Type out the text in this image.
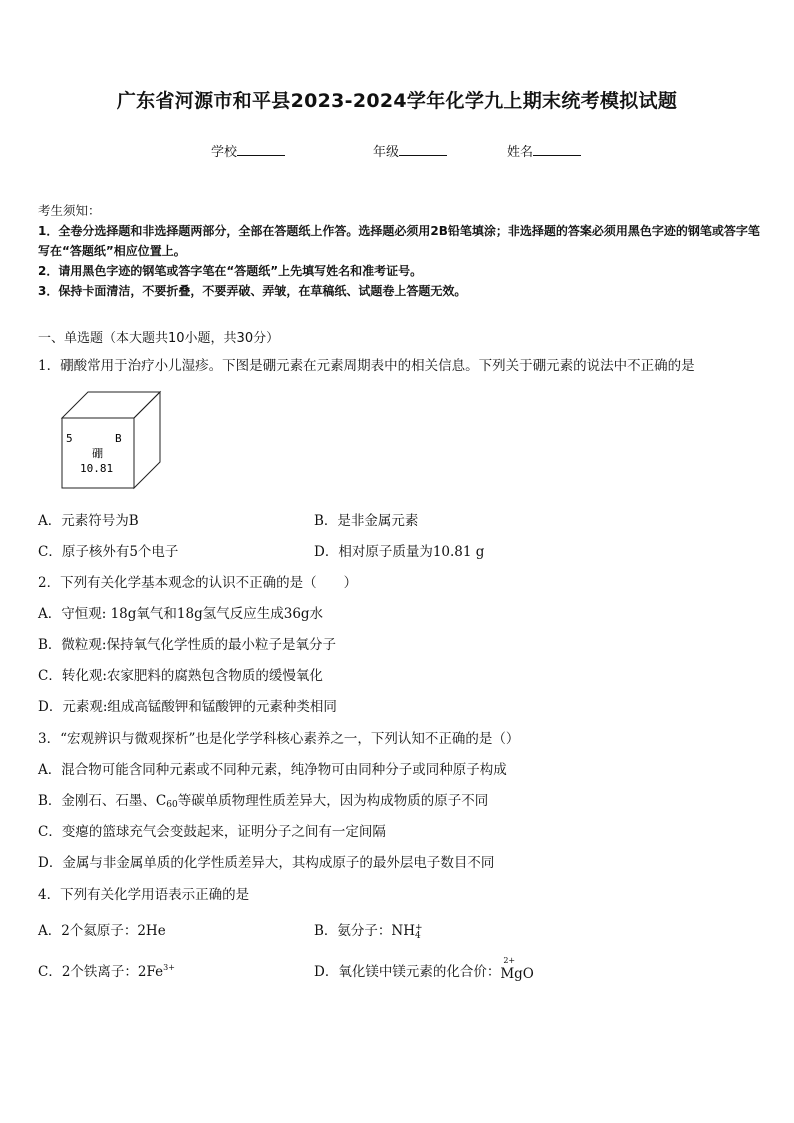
广东省河源市和平县2023-2024学年化学九上期末统考模拟试题
学校	年级	姓名
考生须知：
1．全卷分选择题和非选择题两部分，全部在答题纸上作答。选择题必须用2B铅笔填涂；非选择题的答案必须用黑色字迹的钢笔或答字笔写在“答题纸”相应位置上。
2．请用黑色字迹的钢笔或答字笔在“答题纸”上先填写姓名和准考证号。
3．保持卡面清洁，不要折叠，不要弄破、弄皱，在草稿纸、试题卷上答题无效。
一、单选题（本大题共10小题，共30分）
1．硼酸常用于治疗小儿湿疹。下图是硼元素在元素周期表中的相关信息。下列关于硼元素的说法中不正确的是
5	B
硼
10.81
A．元素符号为B	B．是非金属元素
C．原子核外有5个电子	D．相对原子质量为10.81 g
2．下列有关化学基本观念的认识不正确的是（　　）
A．守恒观: 18g氧气和18g氢气反应生成36g水
B．微粒观:保持氧气化学性质的最小粒子是氧分子
C．转化观:农家肥料的腐熟包含物质的缓慢氧化
D．元素观:组成高锰酸钾和锰酸钾的元素种类相同
3．“宏观辨识与微观探析”也是化学学科核心素养之一，下列认知不正确的是（）
A．混合物可能含同种元素或不同种元素，纯净物可由同种分子或同种原子构成
B．金刚石、石墨、$C_{60}$等碳单质物理性质差异大，因为构成物质的原子不同
C．变瘪的篮球充气会变鼓起来，证明分子之间有一定间隔
D．金属与非金属单质的化学性质差异大，其构成原子的最外层电子数目不同
4．下列有关化学用语表示正确的是
A．2个氦原子：2He	B．氨分子：NH +
4
C．2个铁离子：$2Fe^{3+}$	D．氧化镁中镁元素的化合价：
2+
MgO
